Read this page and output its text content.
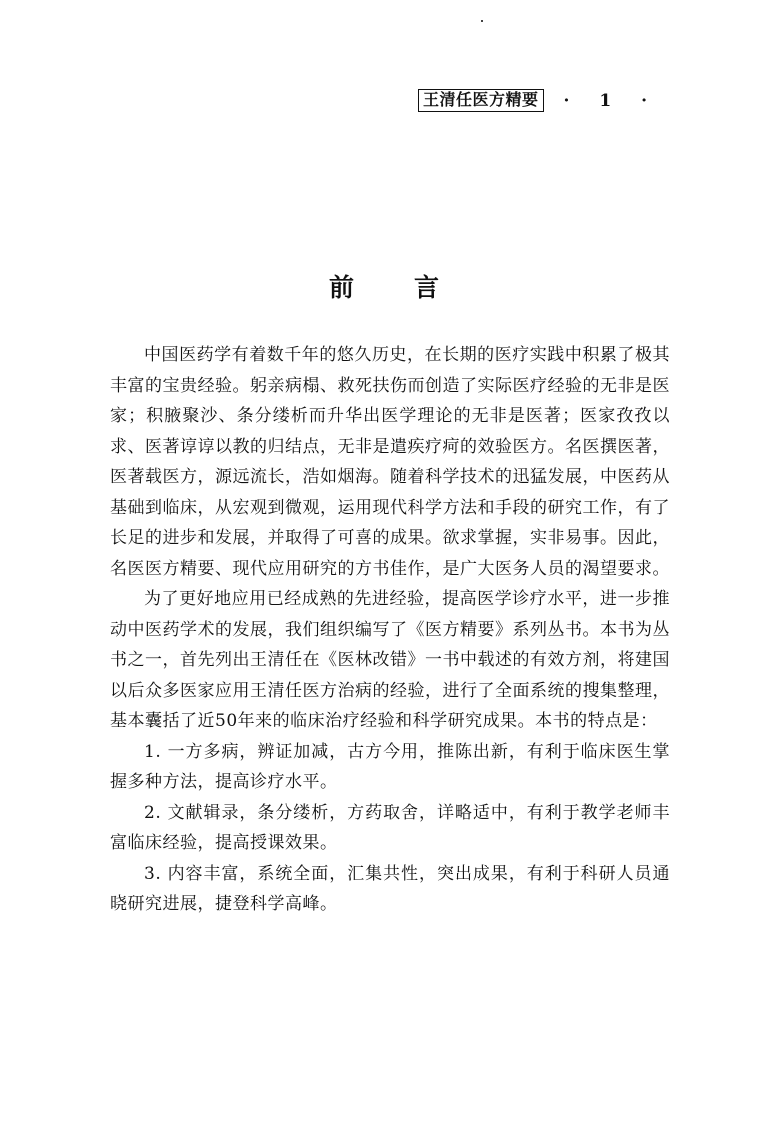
王清任医方精要 · 1 ·
前言

中国医药学有着数千年的悠久历史，在长期的医疗实践中积累了极其丰富的宝贵经验。躬亲病榻、救死扶伤而创造了实际医疗经验的无非是医家；积腋聚沙、条分缕析而升华出医学理论的无非是医著；医家孜孜以求、医著谆谆以教的归结点，无非是遣疾疗疴的效验医方。名医撰医著，医著载医方，源远流长，浩如烟海。随着科学技术的迅猛发展，中医药从基础到临床，从宏观到微观，运用现代科学方法和手段的研究工作，有了长足的进步和发展，并取得了可喜的成果。欲求掌握，实非易事。因此，名医医方精要、现代应用研究的方书佳作，是广大医务人员的渴望要求。

为了更好地应用已经成熟的先进经验，提高医学诊疗水平，进一步推动中医药学术的发展，我们组织编写了《医方精要》系列丛书。本书为丛书之一，首先列出王清任在《医林改错》一书中载述的有效方剂，将建国以后众多医家应用王清任医方治病的经验，进行了全面系统的搜集整理，基本囊括了近50年来的临床治疗经验和科学研究成果。本书的特点是：

1. 一方多病，辨证加减，古方今用，推陈出新，有利于临床医生掌握多种方法，提高诊疗水平。

2. 文献辑录，条分缕析，方药取舍，详略适中，有利于教学老师丰富临床经验，提高授课效果。

3. 内容丰富，系统全面，汇集共性，突出成果，有利于科研人员通晓研究进展，捷登科学高峰。
